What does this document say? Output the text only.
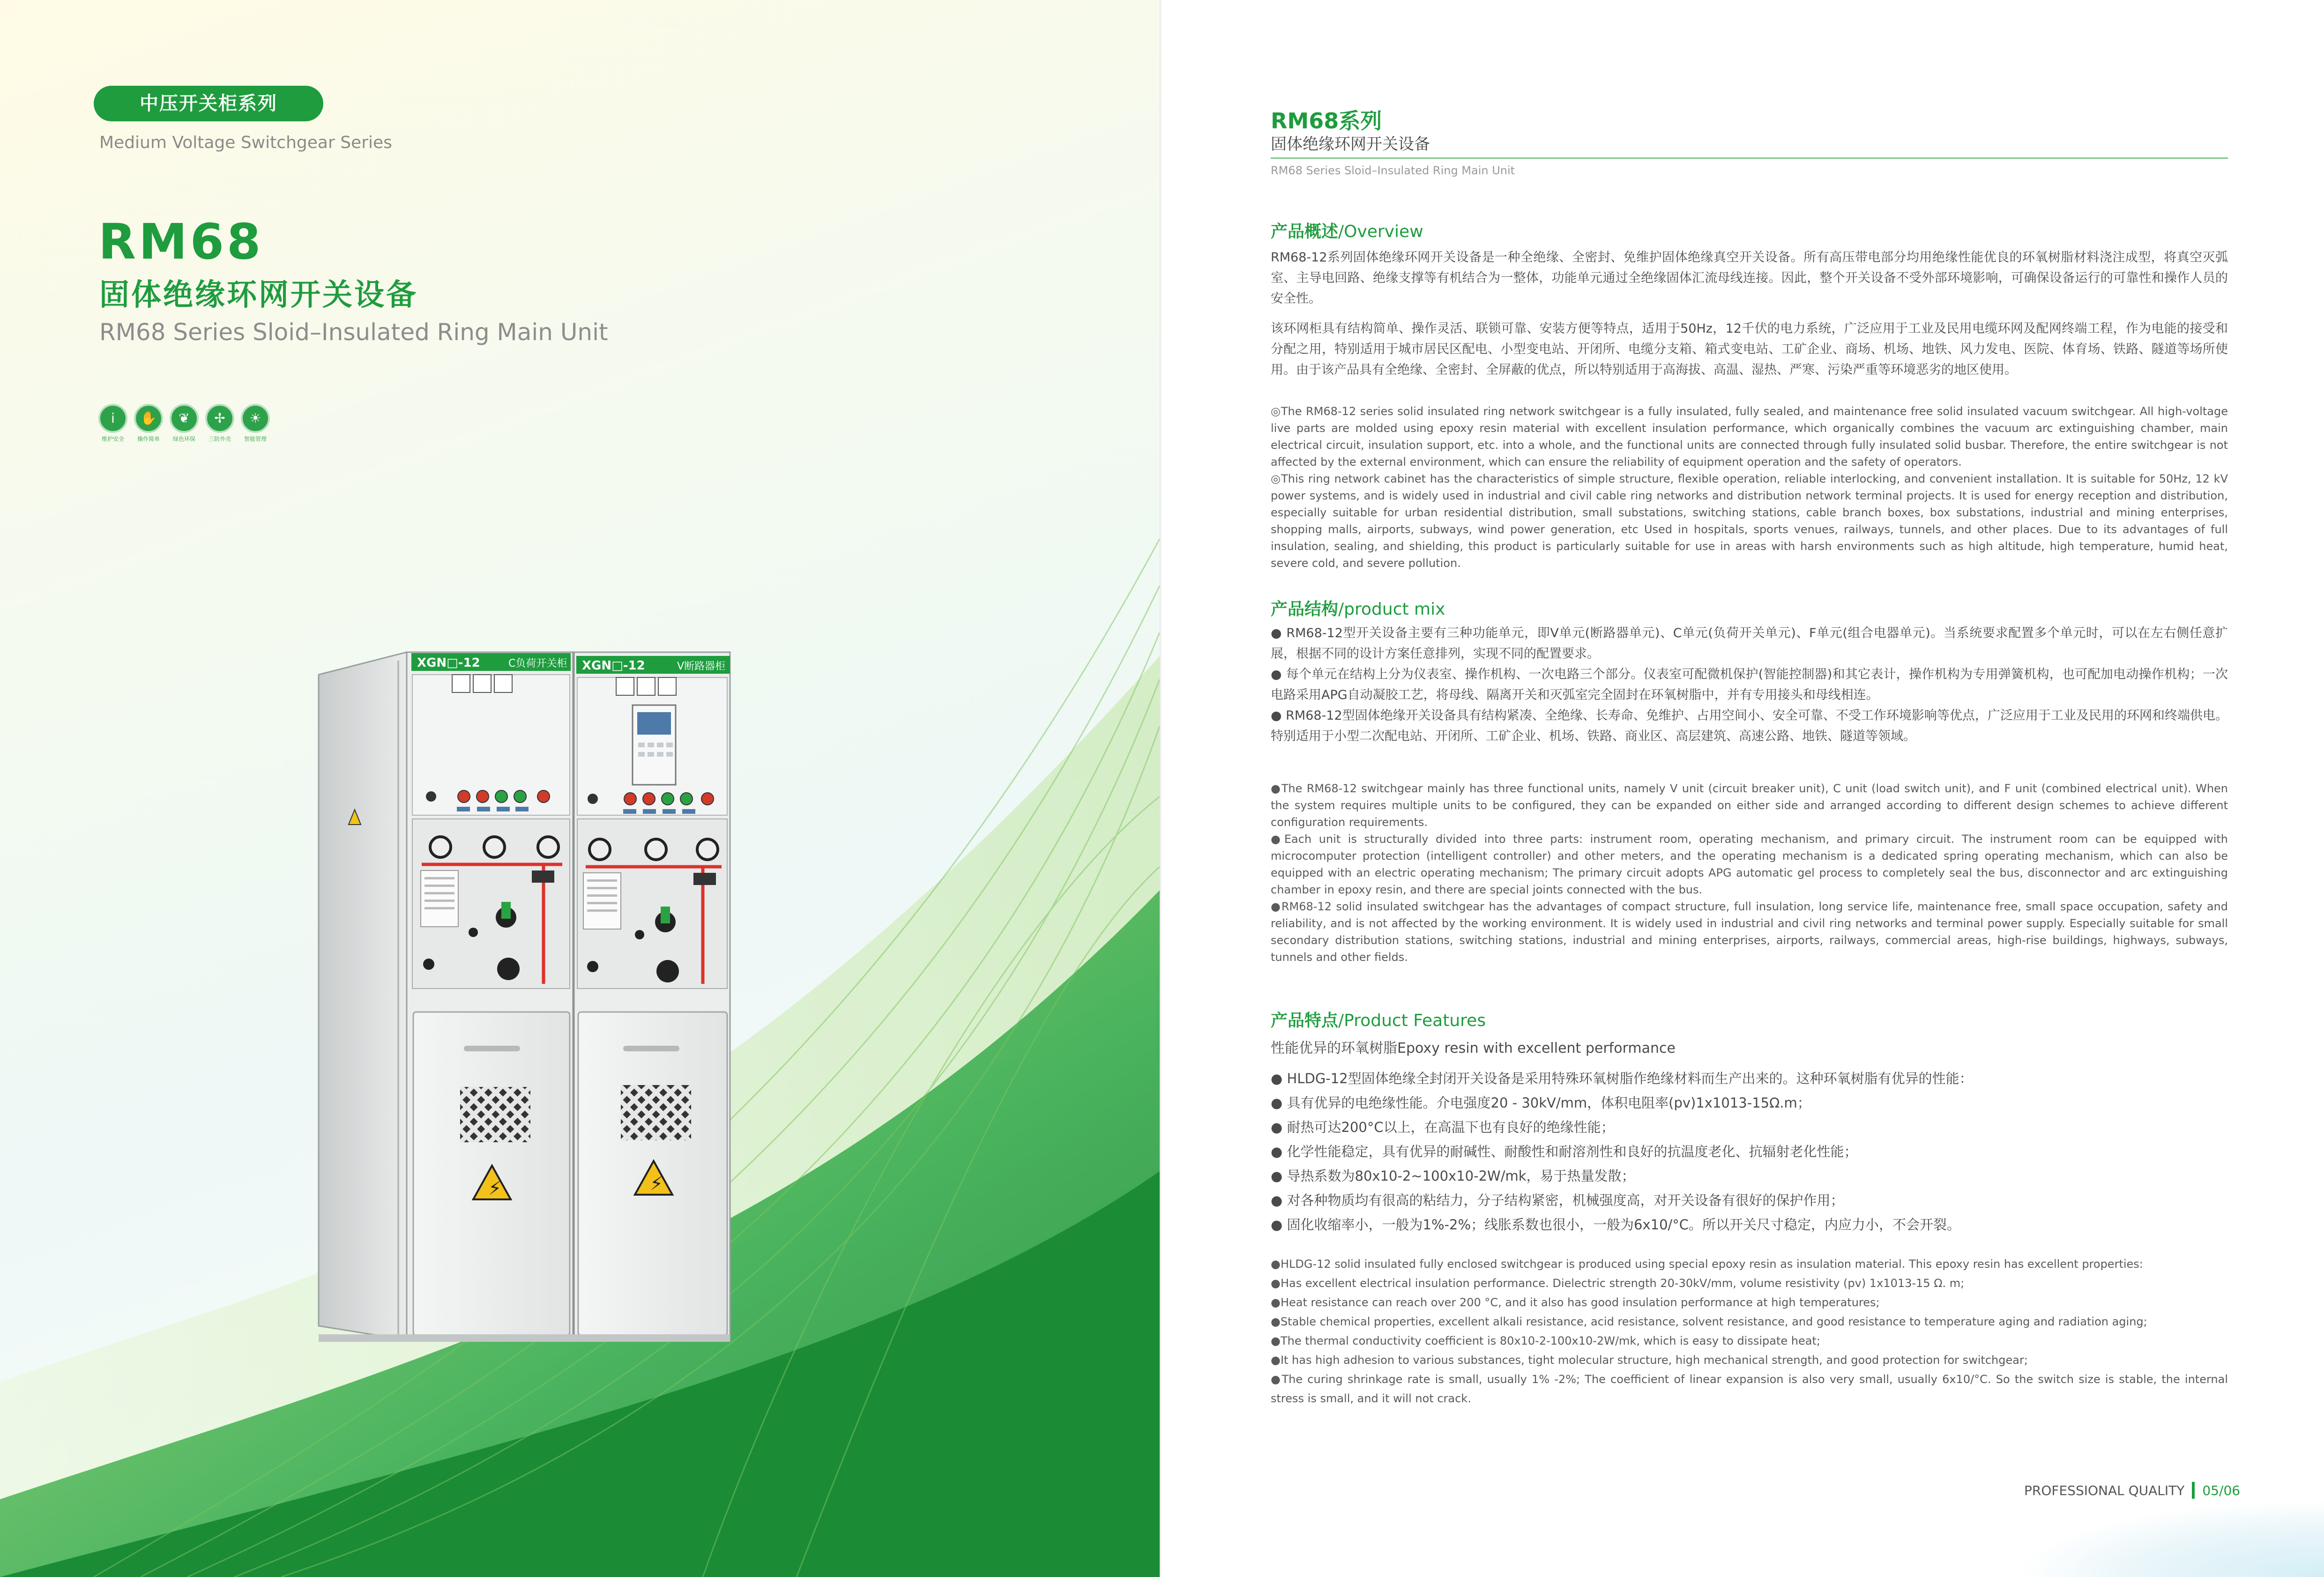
中压开关柜系列
Medium Voltage Switchgear Series
RM68
固体绝缘环网开关设备
RM68 Series Sloid–Insulated Ring Main Unit
i
维护安全
✋
操作简单
❦
绿色环保
✢
三防外壳
☀
智能管理
XGN□-12	C负荷开关柜 XGN□-12	V断路器柜
⚡	⚡
RM68系列
固体绝缘环网开关设备
RM68 Series Sloid–Insulated Ring Main Unit
产品概述/Overview

RM68-12系列固体绝缘环网开关设备是一种全绝缘、全密封、免维护固体绝缘真空开关设备。所有高压带电部分均用绝缘性能优良的环氧树脂材料浇注成型，将真空灭弧室、主导电回路、绝缘支撑等有机结合为一整体，功能单元通过全绝缘固体汇流母线连接。因此，整个开关设备不受外部环境影响，可确保设备运行的可靠性和操作人员的安全性。

该环网柜具有结构简单、操作灵活、联锁可靠、安装方便等特点，适用于50Hz，12千伏的电力系统，广泛应用于工业及民用电缆环网及配网终端工程，作为电能的接受和分配之用，特别适用于城市居民区配电、小型变电站、开闭所、电缆分支箱、箱式变电站、工矿企业、商场、机场、地铁、风力发电、医院、体育场、铁路、隧道等场所使用。由于该产品具有全绝缘、全密封、全屏蔽的优点，所以特别适用于高海拔、高温、湿热、严寒、污染严重等环境恶劣的地区使用。

◎The RM68-12 series solid insulated ring network switchgear is a fully insulated, fully sealed, and maintenance free solid insulated vacuum switchgear. All high-voltage live parts are molded using epoxy resin material with excellent insulation performance, which organically combines the vacuum arc extinguishing chamber, main electrical circuit, insulation support, etc. into a whole, and the functional units are connected through fully insulated solid busbar. Therefore, the entire switchgear is not affected by the external environment, which can ensure the reliability of equipment operation and the safety of operators.

◎This ring network cabinet has the characteristics of simple structure, flexible operation, reliable interlocking, and convenient installation. It is suitable for 50Hz, 12 kV power systems, and is widely used in industrial and civil cable ring networks and distribution network terminal projects. It is used for energy reception and distribution, especially suitable for urban residential distribution, small substations, switching stations, cable branch boxes, box substations, industrial and mining enterprises, shopping malls, airports, subways, wind power generation, etc Used in hospitals, sports venues, railways, tunnels, and other places. Due to its advantages of full insulation, sealing, and shielding, this product is particularly suitable for use in areas with harsh environments such as high altitude, high temperature, humid heat, severe cold, and severe pollution.

产品结构/product mix

● RM68-12型开关设备主要有三种功能单元，即V单元(断路器单元)、C单元(负荷开关单元)、F单元(组合电器单元)。当系统要求配置多个单元时，可以在左右侧任意扩展，根据不同的设计方案任意排列，实现不同的配置要求。

● 每个单元在结构上分为仪表室、操作机构、一次电路三个部分。仪表室可配微机保护(智能控制器)和其它表计，操作机构为专用弹簧机构，也可配加电动操作机构；一次电路采用APG自动凝胶工艺，将母线、隔离开关和灭弧室完全固封在环氧树脂中，并有专用接头和母线相连。

● RM68-12型固体绝缘开关设备具有结构紧凑、全绝缘、长寿命、免维护、占用空间小、安全可靠、不受工作环境影响等优点，广泛应用于工业及民用的环网和终端供电。特别适用于小型二次配电站、开闭所、工矿企业、机场、铁路、商业区、高层建筑、高速公路、地铁、隧道等领域。

●The RM68-12 switchgear mainly has three functional units, namely V unit (circuit breaker unit), C unit (load switch unit), and F unit (combined electrical unit). When the system requires multiple units to be configured, they can be expanded on either side and arranged according to different design schemes to achieve different configuration requirements.

●Each unit is structurally divided into three parts: instrument room, operating mechanism, and primary circuit. The instrument room can be equipped with microcomputer protection (intelligent controller) and other meters, and the operating mechanism is a dedicated spring operating mechanism, which can also be equipped with an electric operating mechanism; The primary circuit adopts APG automatic gel process to completely seal the bus, disconnector and arc extinguishing chamber in epoxy resin, and there are special joints connected with the bus.

●RM68-12 solid insulated switchgear has the advantages of compact structure, full insulation, long service life, maintenance free, small space occupation, safety and reliability, and is not affected by the working environment. It is widely used in industrial and civil ring networks and terminal power supply. Especially suitable for small secondary distribution stations, switching stations, industrial and mining enterprises, airports, railways, commercial areas, high-rise buildings, highways, subways, tunnels and other fields.

产品特点/Product Features
性能优异的环氧树脂Epoxy resin with excellent performance

● HLDG-12型固体绝缘全封闭开关设备是采用特殊环氧树脂作绝缘材料而生产出来的。这种环氧树脂有优异的性能：

● 具有优异的电绝缘性能。介电强度20 - 30kV/mm，体积电阻率(pv)1x1013-15Ω.m；

● 耐热可达200°C以上，在高温下也有良好的绝缘性能；

● 化学性能稳定，具有优异的耐碱性、耐酸性和耐溶剂性和良好的抗温度老化、抗辐射老化性能；

● 导热系数为80x10-2~100x10-2W/mk，易于热量发散；

● 对各种物质均有很高的粘结力，分子结构紧密，机械强度高，对开关设备有很好的保护作用；

● 固化收缩率小，一般为1%-2%；线胀系数也很小，一般为6x10/°C。所以开关尺寸稳定，内应力小，不会开裂。

●HLDG-12 solid insulated fully enclosed switchgear is produced using special epoxy resin as insulation material. This epoxy resin has excellent properties:

●Has excellent electrical insulation performance. Dielectric strength 20-30kV/mm, volume resistivity (pv) 1x1013-15 Ω. m;

●Heat resistance can reach over 200 °C, and it also has good insulation performance at high temperatures;

●Stable chemical properties, excellent alkali resistance, acid resistance, solvent resistance, and good resistance to temperature aging and radiation aging;

●The thermal conductivity coefficient is 80x10-2-100x10-2W/mk, which is easy to dissipate heat;

●It has high adhesion to various substances, tight molecular structure, high mechanical strength, and good protection for switchgear;

●The curing shrinkage rate is small, usually 1% -2%; The coefficient of linear expansion is also very small, usually 6x10/°C. So the switch size is stable, the internal stress is small, and it will not crack.

PROFESSIONAL QUALITY 05/06
